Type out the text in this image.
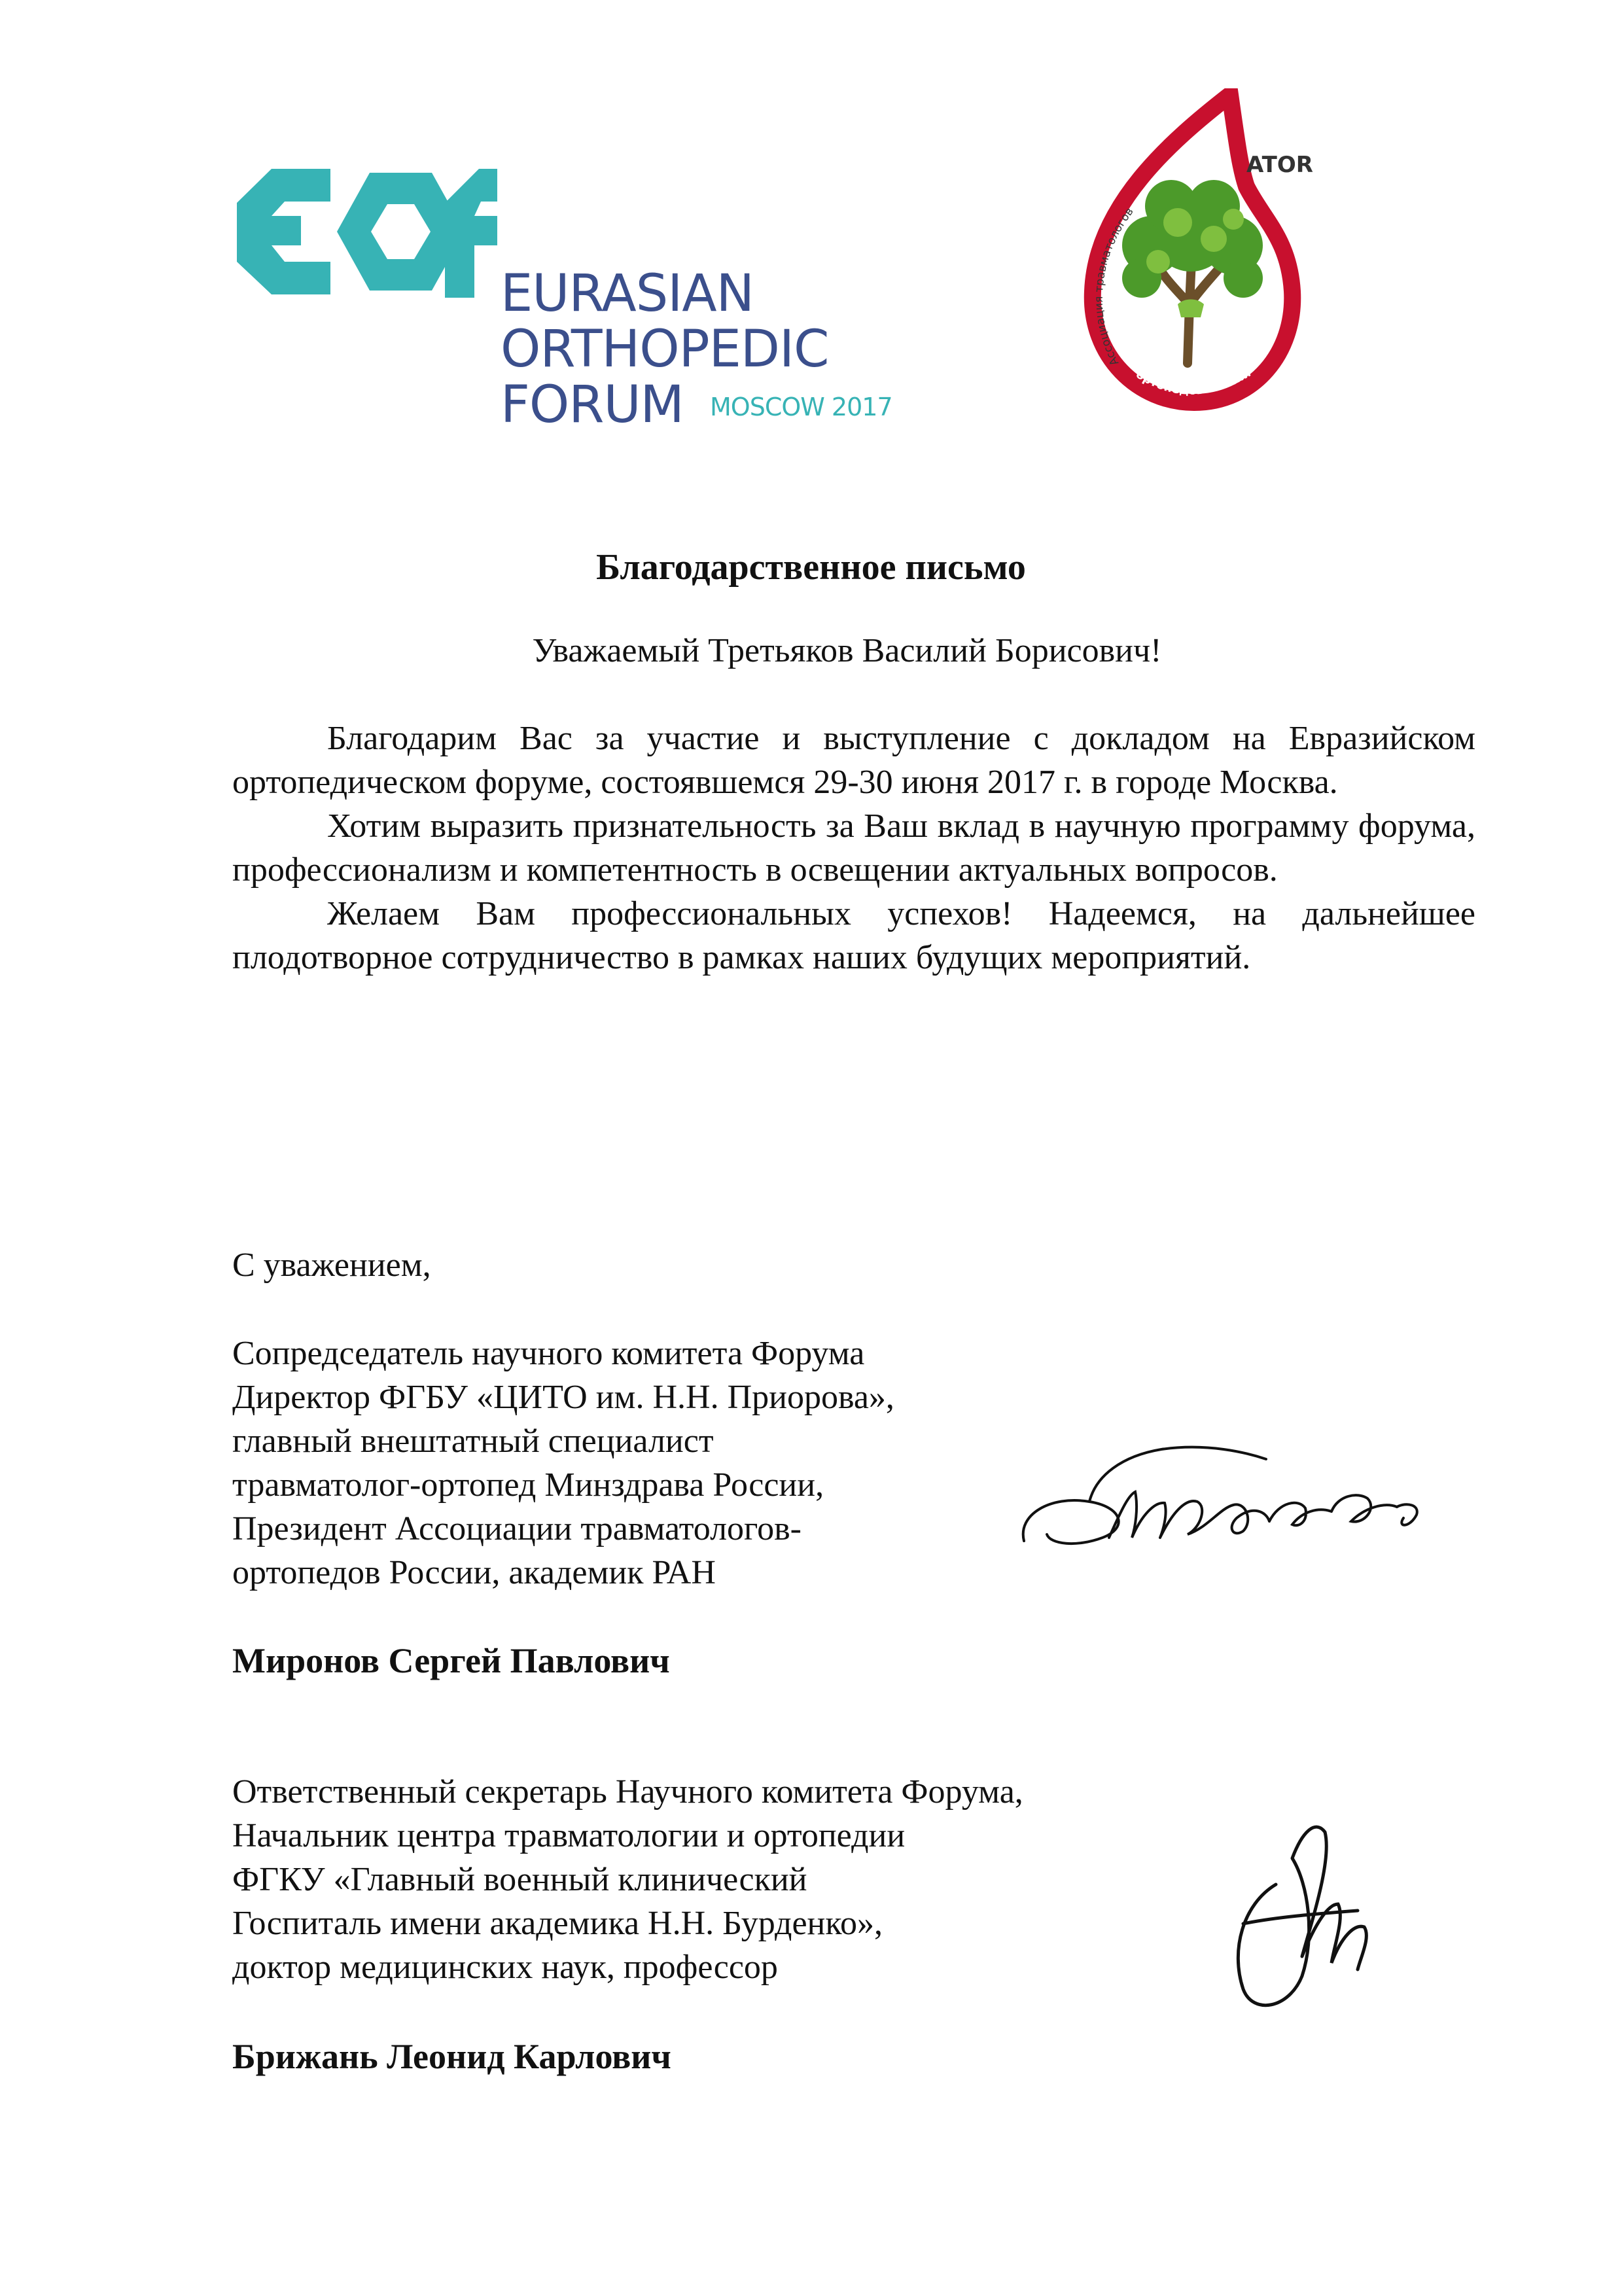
EURASIAN
ORTHOPEDIC
FORUM MOSCOW 2017
ATOR
Ассоциация травматологов
ортопедов России
Благодарственное письмо
Уважаемый Третьяков Василий Борисович!

Благодарим Вас за участие и выступление с докладом на Евразийском ортопедическом форуме, состоявшемся 29-30 июня 2017 г. в городе Москва.

Хотим выразить признательность за Ваш вклад в научную программу форума, профессионализм и компетентность в освещении актуальных вопросов.

Желаем Вам профессиональных успехов! Надеемся, на дальнейшее плодотворное сотрудничество в рамках наших будущих мероприятий.

С уважением,
Сопредседатель научного комитета Форума
Директор ФГБУ «ЦИТО им. Н.Н. Приорова»,
главный внештатный специалист
травматолог-ортопед Минздрава России,
Президент Ассоциации травматологов-
ортопедов России, академик РАН
Миронов Сергей Павлович
Ответственный секретарь Научного комитета Форума,
Начальник центра травматологии и ортопедии
ФГКУ «Главный военный клинический
Госпиталь имени академика Н.Н. Бурденко»,
доктор медицинских наук, профессор
Брижань Леонид Карлович
